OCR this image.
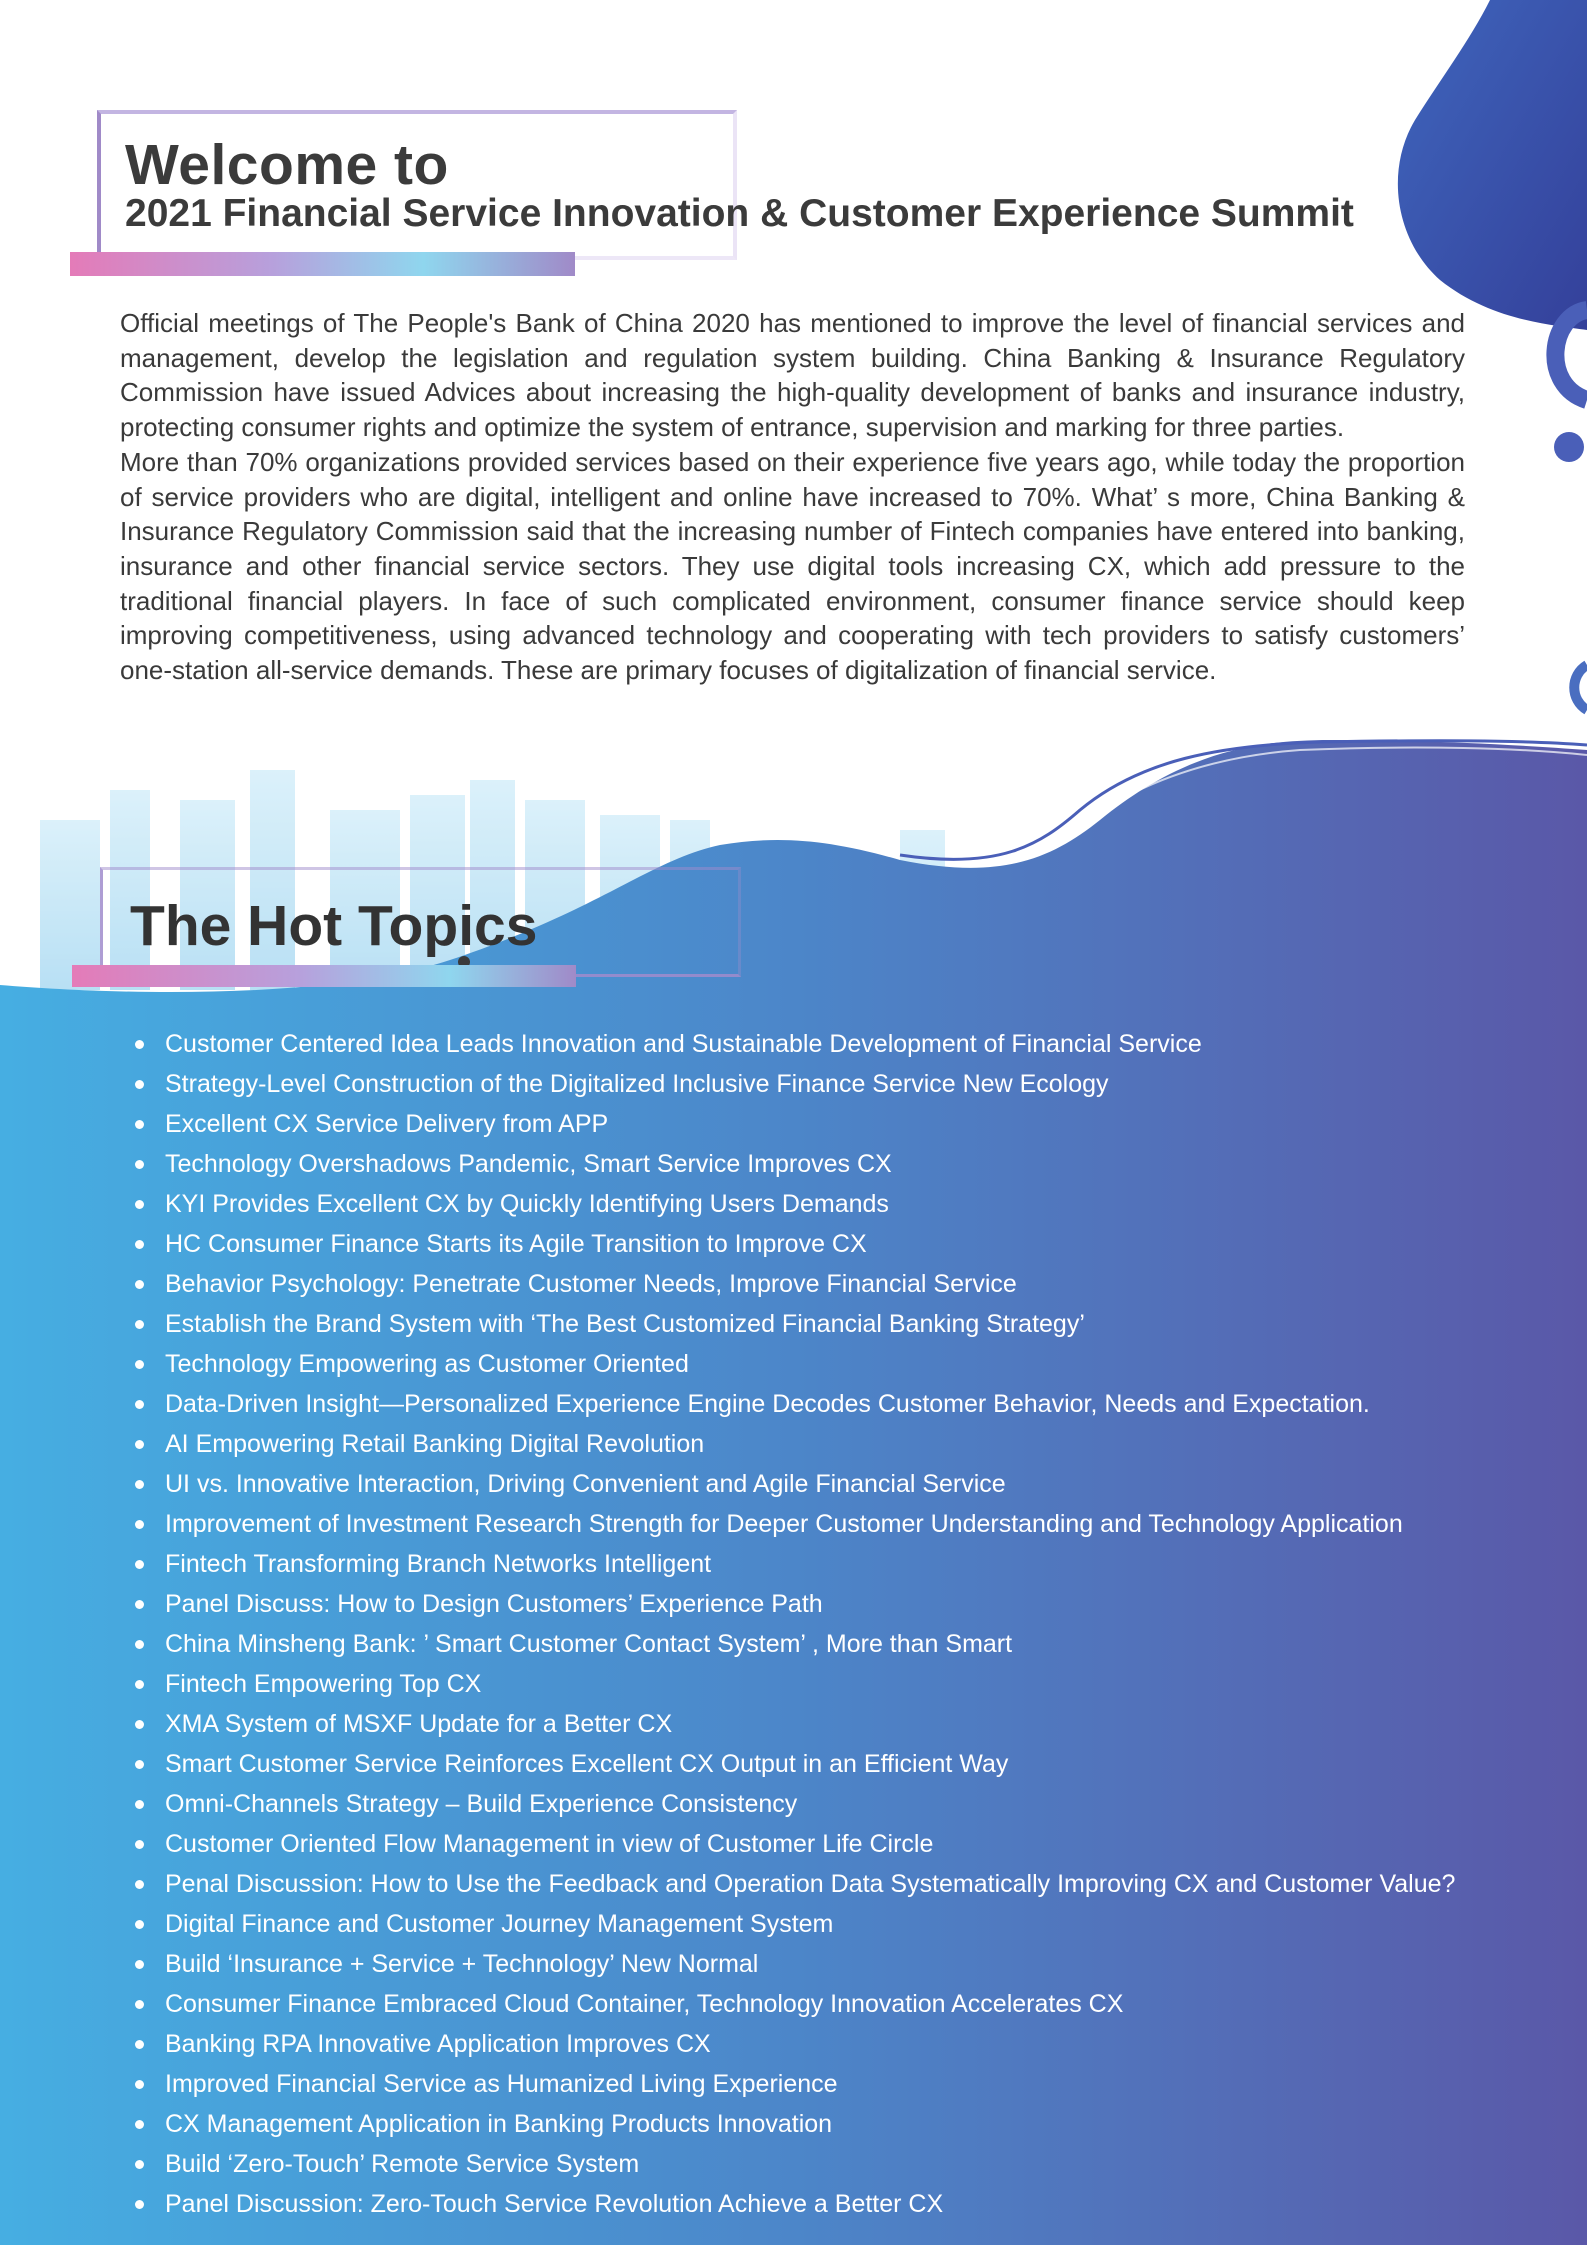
Welcome to
2021 Financial Service Innovation & Customer Experience Summit

Official meetings of The People's Bank of China 2020 has mentioned to improve the level of financial services and management, develop the legislation and regulation system building. China Banking & Insurance Regulatory Commission have issued Advices about increasing the high-quality development of banks and insurance industry, protecting consumer rights and optimize the system of entrance, supervision and marking for three parties.

More than 70% organizations provided services based on their experience five years ago, while today the proportion of service providers who are digital, intelligent and online have increased to 70%. What’ s more, China Banking & Insurance Regulatory Commission said that the increasing number of Fintech companies have entered into banking, insurance and other financial service sectors. They use digital tools increasing CX, which add pressure to the traditional financial players. In face of such complicated environment, consumer finance service should keep improving competitiveness, using advanced technology and cooperating with tech providers to satisfy customers’ one-station all-service demands. These are primary focuses of digitalization of financial service.

The Hot Topics
Customer Centered Idea Leads Innovation and Sustainable Development of Financial Service
Strategy-Level Construction of the Digitalized Inclusive Finance Service New Ecology
Excellent CX Service Delivery from APP
Technology Overshadows Pandemic, Smart Service Improves CX
KYI Provides Excellent CX by Quickly Identifying Users Demands
HC Consumer Finance Starts its Agile Transition to Improve CX
Behavior Psychology: Penetrate Customer Needs, Improve Financial Service
Establish the Brand System with ‘The Best Customized Financial Banking Strategy’
Technology Empowering as Customer Oriented
Data-Driven Insight—Personalized Experience Engine Decodes Customer Behavior, Needs and Expectation.
AI Empowering Retail Banking Digital Revolution
UI vs. Innovative Interaction, Driving Convenient and Agile Financial Service
Improvement of Investment Research Strength for Deeper Customer Understanding and Technology Application
Fintech Transforming Branch Networks Intelligent
Panel Discuss: How to Design Customers’ Experience Path
China Minsheng Bank: ’ Smart Customer Contact System’ , More than Smart
Fintech Empowering Top CX
XMA System of MSXF Update for a Better CX
Smart Customer Service Reinforces Excellent CX Output in an Efficient Way
Omni-Channels Strategy – Build Experience Consistency
Customer Oriented Flow Management in view of Customer Life Circle
Penal Discussion: How to Use the Feedback and Operation Data Systematically Improving CX and Customer Value?
Digital Finance and Customer Journey Management System
Build ‘Insurance + Service + Technology’ New Normal
Consumer Finance Embraced Cloud Container, Technology Innovation Accelerates CX
Banking RPA Innovative Application Improves CX
Improved Financial Service as Humanized Living Experience
CX Management Application in Banking Products Innovation
Build ‘Zero-Touch’ Remote Service System
Panel Discussion: Zero-Touch Service Revolution Achieve a Better CX
